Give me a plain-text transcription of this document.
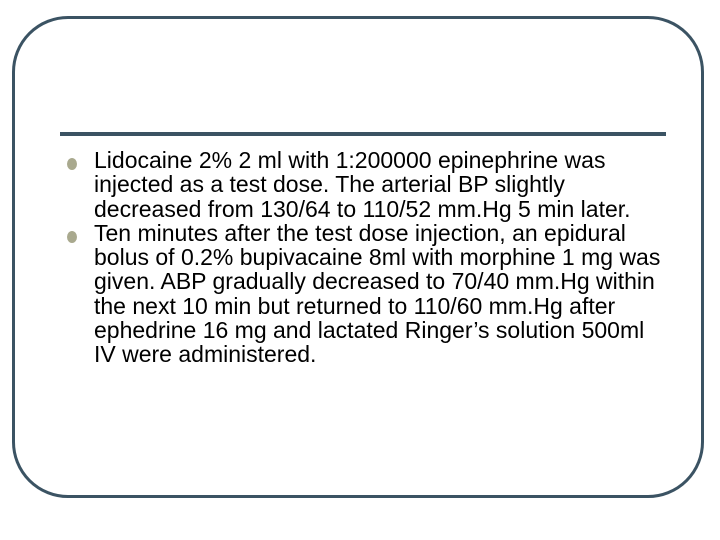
Lidocaine 2% 2 ml with 1:200000 epinephrine was injected as a test dose. The arterial BP slightly decreased from 130/64 to 110/52 mm.Hg 5 min later.
Ten minutes after the test dose injection, an epidural bolus of 0.2% bupivacaine 8ml with morphine 1 mg was given. ABP gradually decreased to 70/40 mm.Hg within the next 10 min but returned to 110/60 mm.Hg after ephedrine 16 mg and lactated Ringer’s solution 500ml IV were administered.
